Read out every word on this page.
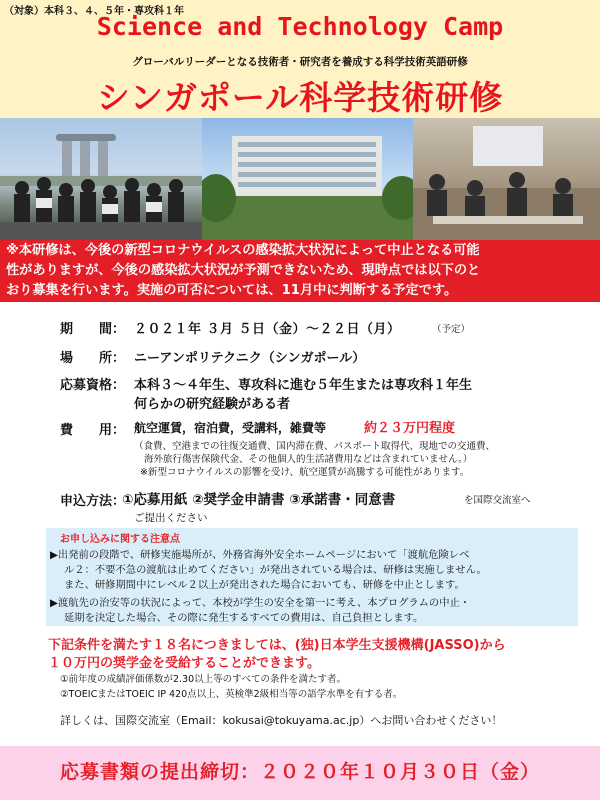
（対象）本科３、４、５年・専攻科１年
Science and Technology Camp
グローバルリーダーとなる技術者・研究者を養成する科学技術英語研修
シンガポール科学技術研修
※本研修は、今後の新型コロナウイルスの感染拡大状況によって中止となる可能
性がありますが、今後の感染拡大状況が予測できないため、現時点では以下のと
おり募集を行います。実施の可否については、11月中に判断する予定です。
期　　間： ２０２１年 ３月 ５日（金）～２２日（月）	（予定）
場　　所： ニーアンポリテクニク（シンガポール）
応募資格： 本科３～４年生、専攻科に進む５年生または専攻科１年生
何らかの研究経験がある者
費　　用： 航空運賃，宿泊費，受講料，雑費等	約２３万円程度
（食費、空港までの往復交通費、国内滞在費、パスポート取得代、現地での交通費、
海外旅行傷害保険代金、その他個人的生活諸費用などは含まれていません。）
※新型コロナウイルスの影響を受け、航空運賃が高騰する可能性があります。
申込方法：
①応募用紙 ②奨学金申請書 ③承諾書・同意書	を国際交流室へ
ご提出ください
お申し込みに関する注意点
▶出発前の段階で、研修実施場所が、外務省海外安全ホームページにおいて「渡航危険レベ
ル２：不要不急の渡航は止めてください」が発出されている場合は、研修は実施しません。
また、研修期間中にレベル２以上が発出された場合においても、研修を中止とします。
▶渡航先の治安等の状況によって、本校が学生の安全を第一に考え、本プログラムの中止・
延期を決定した場合、その際に発生するすべての費用は、自己負担とします。
下記条件を満たす１８名につきましては、(独)日本学生支援機構(JASSO)から
１０万円の奨学金を受給することができます。
①前年度の成績評価係数が2.30以上等のすべての条件を満たす者。
②TOEICまたはTOEIC IP 420点以上、英検準2級相当等の語学水準を有する者。
詳しくは、国際交流室（Email：kokusai@tokuyama.ac.jp）へお問い合わせください！
応募書類の提出締切：２０２０年１０月３０日（金）
